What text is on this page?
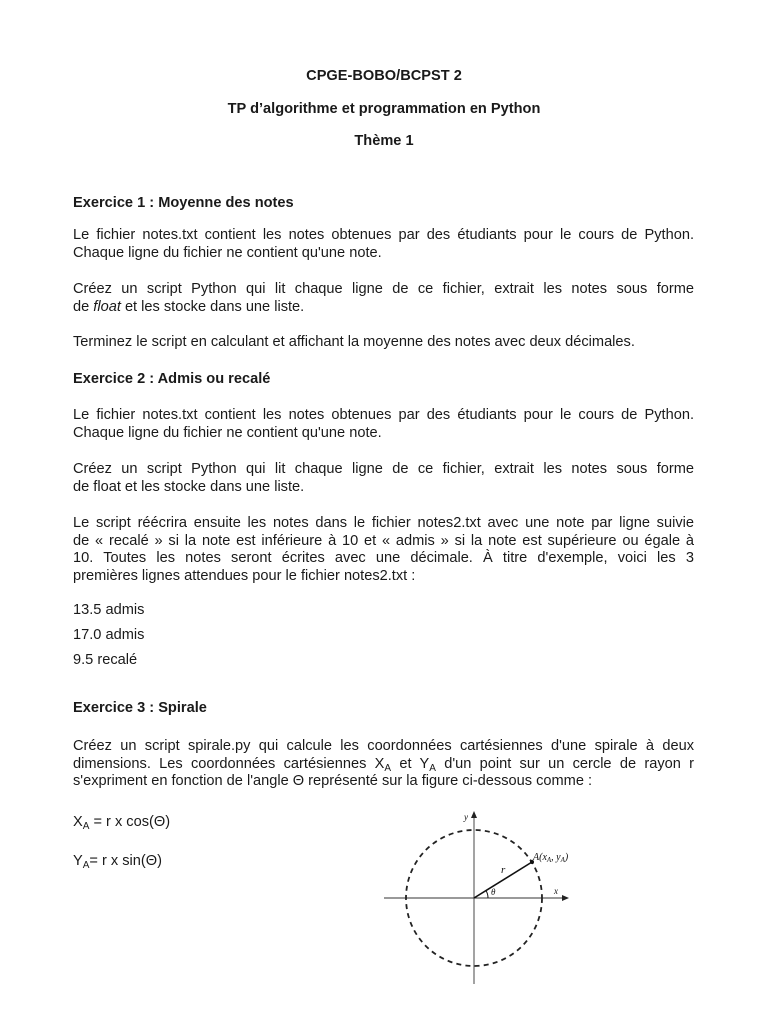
CPGE-BOBO/BCPST 2
TP d’algorithme et programmation en Python
Thème 1
Exercice 1 : Moyenne des notes
Le fichier notes.txt contient les notes obtenues par des étudiants pour le cours de Python.
Chaque ligne du fichier ne contient qu'une note.
Créez un script Python qui lit chaque ligne de ce fichier, extrait les notes sous forme
de float et les stocke dans une liste.
Terminez le script en calculant et affichant la moyenne des notes avec deux décimales.
Exercice 2 : Admis ou recalé
Le fichier notes.txt contient les notes obtenues par des étudiants pour le cours de Python.
Chaque ligne du fichier ne contient qu'une note.
Créez un script Python qui lit chaque ligne de ce fichier, extrait les notes sous forme
de float et les stocke dans une liste.
Le script réécrira ensuite les notes dans le fichier notes2.txt avec une note par ligne suivie
de « recalé » si la note est inférieure à 10 et « admis » si la note est supérieure ou égale à
10. Toutes les notes seront écrites avec une décimale. À titre d'exemple, voici les 3
premières lignes attendues pour le fichier notes2.txt :
13.5 admis
17.0 admis
9.5 recalé
Exercice 3 : Spirale
Créez un script spirale.py qui calcule les coordonnées cartésiennes d'une spirale à deux
dimensions. Les coordonnées cartésiennes $X_A$ et $Y_A$ d'un point sur un cercle de rayon r
s'expriment en fonction de l'angle Θ représenté sur la figure ci-dessous comme :
$X_A = r$ x cos(Θ)
$Y_A= r$ x sin(Θ)
θ
r
y
x
$A(x_A$, $y_A$)
